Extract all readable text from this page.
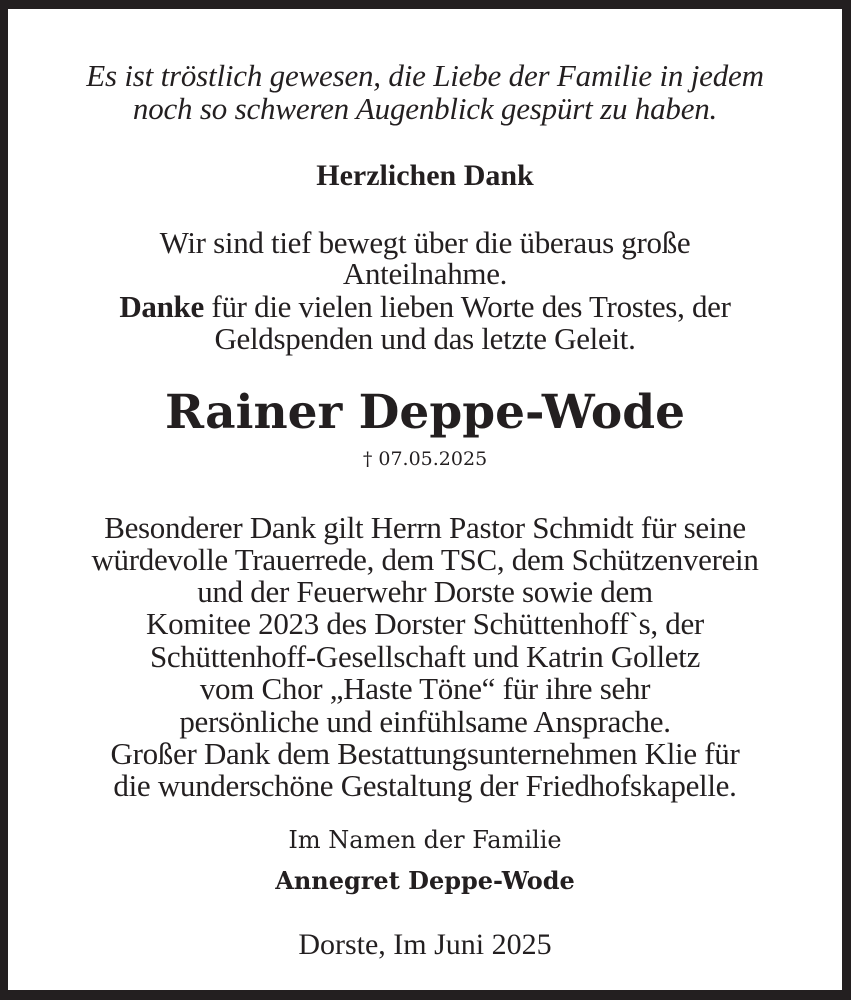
Es ist tröstlich gewesen, die Liebe der Familie in jedem
noch so schweren Augenblick gespürt zu haben.
Herzlichen Dank
Wir sind tief bewegt über die überaus große
Anteilnahme.
Danke für die vielen lieben Worte des Trostes, der
Geldspenden und das letzte Geleit.
Rainer Deppe-Wode
† 07.05.2025
Besonderer Dank gilt Herrn Pastor Schmidt für seine
würdevolle Trauerrede, dem TSC, dem Schützenverein
und der Feuerwehr Dorste sowie dem
Komitee 2023 des Dorster Schüttenhoff`s, der
Schüttenhoff-Gesellschaft und Katrin Golletz
vom Chor „Haste Töne“ für ihre sehr
persönliche und einfühlsame Ansprache.
Großer Dank dem Bestattungsunternehmen Klie für
die wunderschöne Gestaltung der Friedhofskapelle.
Im Namen der Familie
Annegret Deppe-Wode
Dorste, Im Juni 2025
